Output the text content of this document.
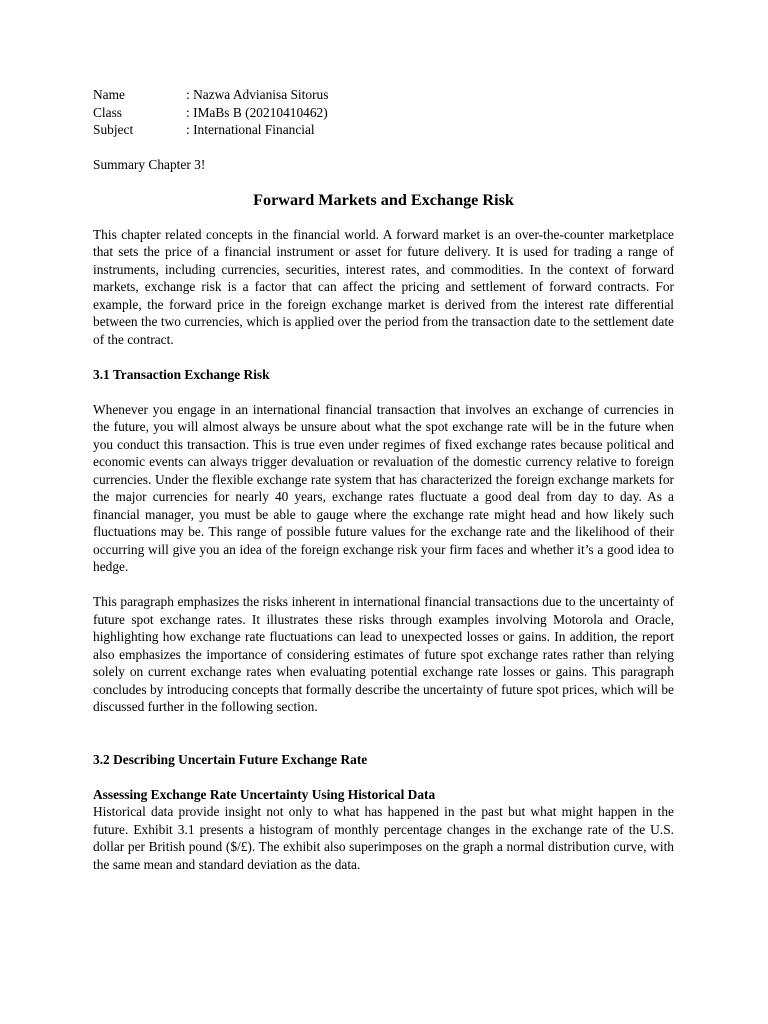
Name	: Nazwa Advianisa Sitorus
Class	: IMaBs B (20210410462)
Subject	: International Financial
Summary Chapter 3!
Forward Markets and Exchange Risk

This chapter related concepts in the financial world. A forward market is an over-the-counter marketplace that sets the price of a financial instrument or asset for future delivery. It is used for trading a range of instruments, including currencies, securities, interest rates, and commodities. In the context of forward markets, exchange risk is a factor that can affect the pricing and settlement of forward contracts. For example, the forward price in the foreign exchange market is derived from the interest rate differential between the two currencies, which is applied over the period from the transaction date to the settlement date of the contract.

3.1 Transaction Exchange Risk

Whenever you engage in an international financial transaction that involves an exchange of currencies in the future, you will almost always be unsure about what the spot exchange rate will be in the future when you conduct this transaction. This is true even under regimes of fixed exchange rates because political and economic events can always trigger devaluation or revaluation of the domestic currency relative to foreign currencies. Under the flexible exchange rate system that has characterized the foreign exchange markets for the major currencies for nearly 40 years, exchange rates fluctuate a good deal from day to day. As a financial manager, you must be able to gauge where the exchange rate might head and how likely such fluctuations may be. This range of possible future values for the exchange rate and the likelihood of their occurring will give you an idea of the foreign exchange risk your firm faces and whether it’s a good idea to hedge.

This paragraph emphasizes the risks inherent in international financial transactions due to the uncertainty of future spot exchange rates. It illustrates these risks through examples involving Motorola and Oracle, highlighting how exchange rate fluctuations can lead to unexpected losses or gains. In addition, the report also emphasizes the importance of considering estimates of future spot exchange rates rather than relying solely on current exchange rates when evaluating potential exchange rate losses or gains. This paragraph concludes by introducing concepts that formally describe the uncertainty of future spot prices, which will be discussed further in the following section.

3.2 Describing Uncertain Future Exchange Rate

Assessing Exchange Rate Uncertainty Using Historical Data

Historical data provide insight not only to what has happened in the past but what might happen in the future. Exhibit 3.1 presents a histogram of monthly percentage changes in the exchange rate of the U.S. dollar per British pound ($/£). The exhibit also superimposes on the graph a normal distribution curve, with the same mean and standard deviation as the data.
